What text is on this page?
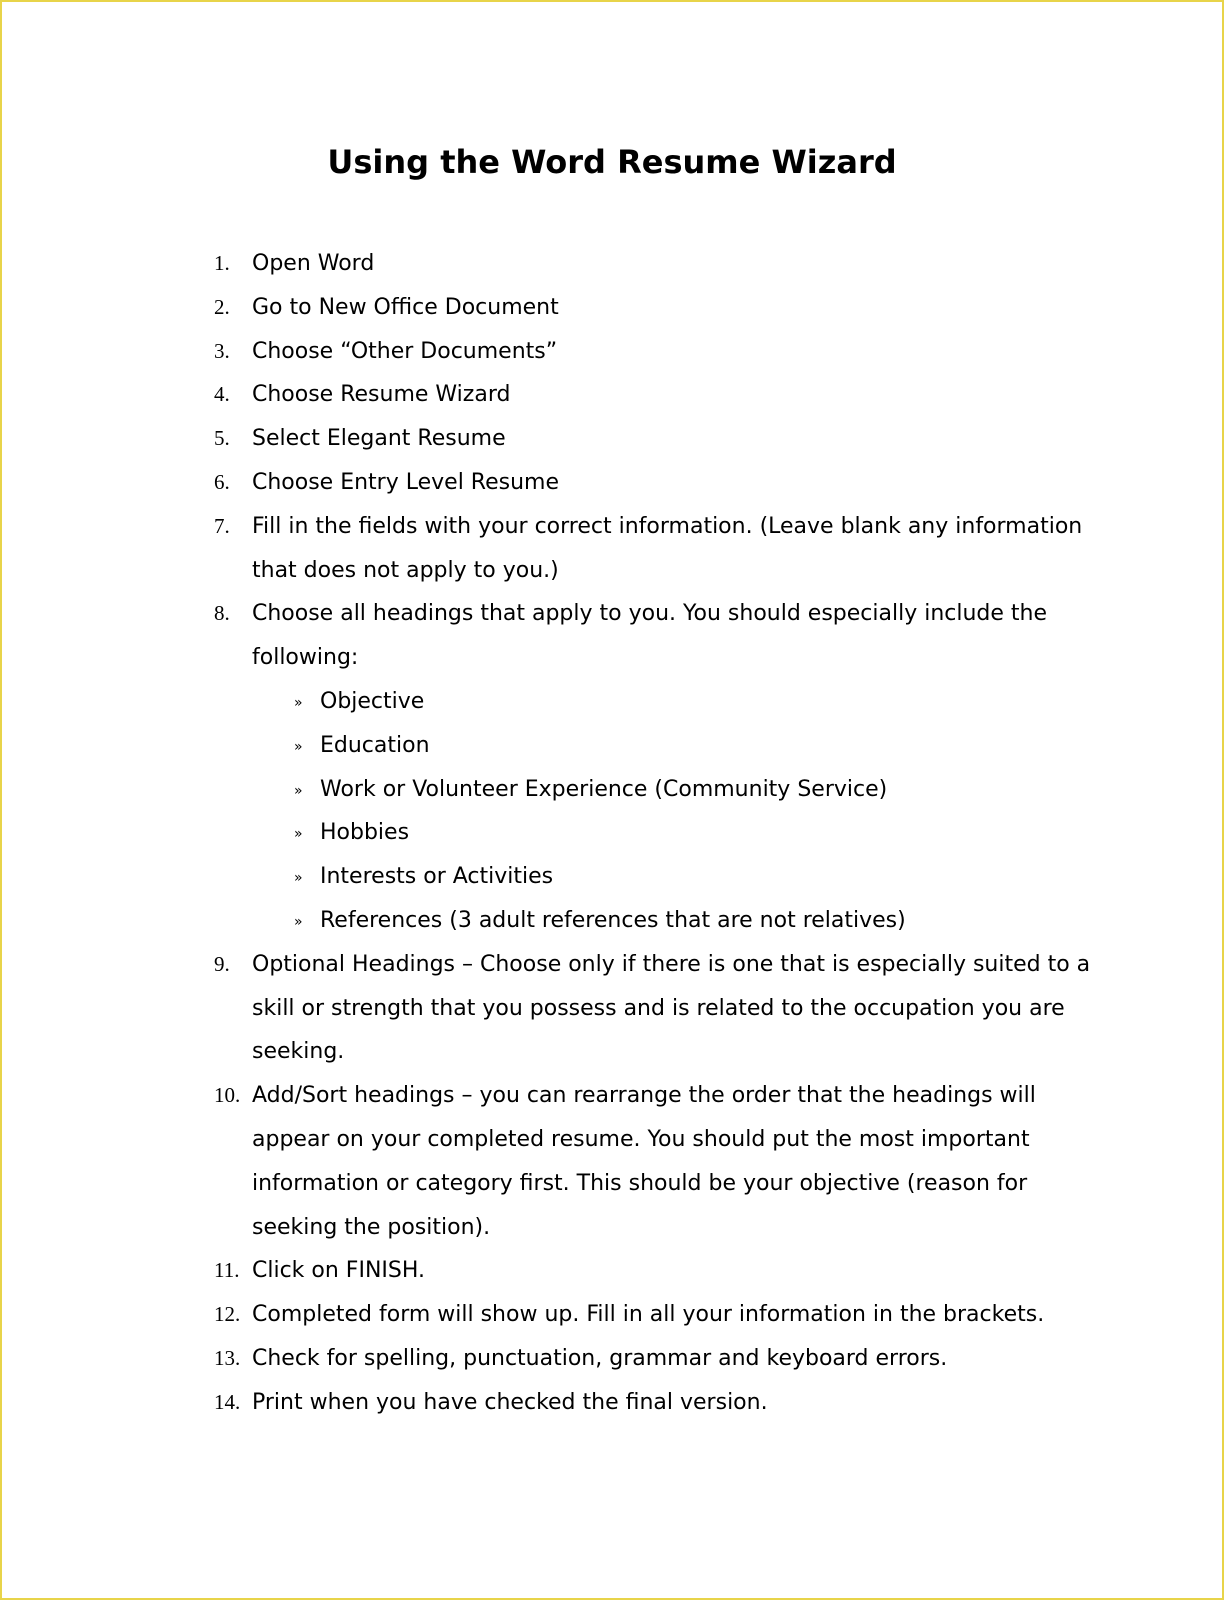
Using the Word Resume Wizard
1. Open Word
2. Go to New Office Document
3. Choose “Other Documents”
4. Choose Resume Wizard
5. Select Elegant Resume
6. Choose Entry Level Resume
7. Fill in the fields with your correct information. (Leave blank any information that does not apply to you.)
8. Choose all headings that apply to you. You should especially include the following:
» Objective
» Education
» Work or Volunteer Experience (Community Service)
» Hobbies
» Interests or Activities
» References (3 adult references that are not relatives)
9. Optional Headings – Choose only if there is one that is especially suited to a skill or strength that you possess and is related to the occupation you are seeking.
10. Add/Sort headings – you can rearrange the order that the headings will appear on your completed resume. You should put the most important information or category first. This should be your objective (reason for seeking the position).
11. Click on FINISH.
12. Completed form will show up. Fill in all your information in the brackets.
13. Check for spelling, punctuation, grammar and keyboard errors.
14. Print when you have checked the final version.
